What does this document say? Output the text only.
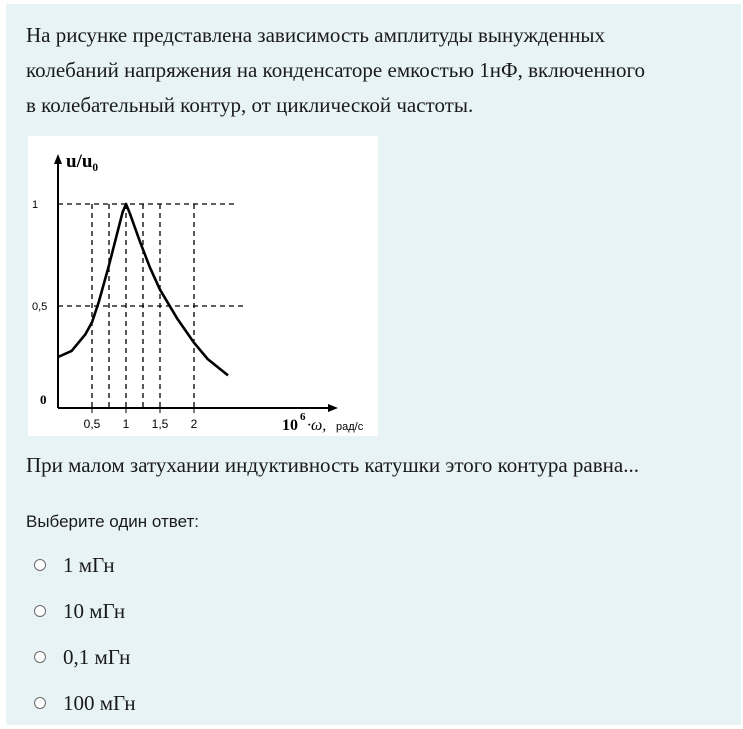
На рисунке представлена зависимость амплитуды вынужденных
колебаний напряжения на конденсаторе емкостью 1нФ, включенного
в колебательный контур, от циклической частоты.
u/u₀
0,5
1
0
0,5 1 1,5 2	10 6 ·ω, рад/с
При малом затухании индуктивность катушки этого контура равна...
Выберите один ответ:
1 мГн
10 мГн
0,1 мГн
100 мГн
